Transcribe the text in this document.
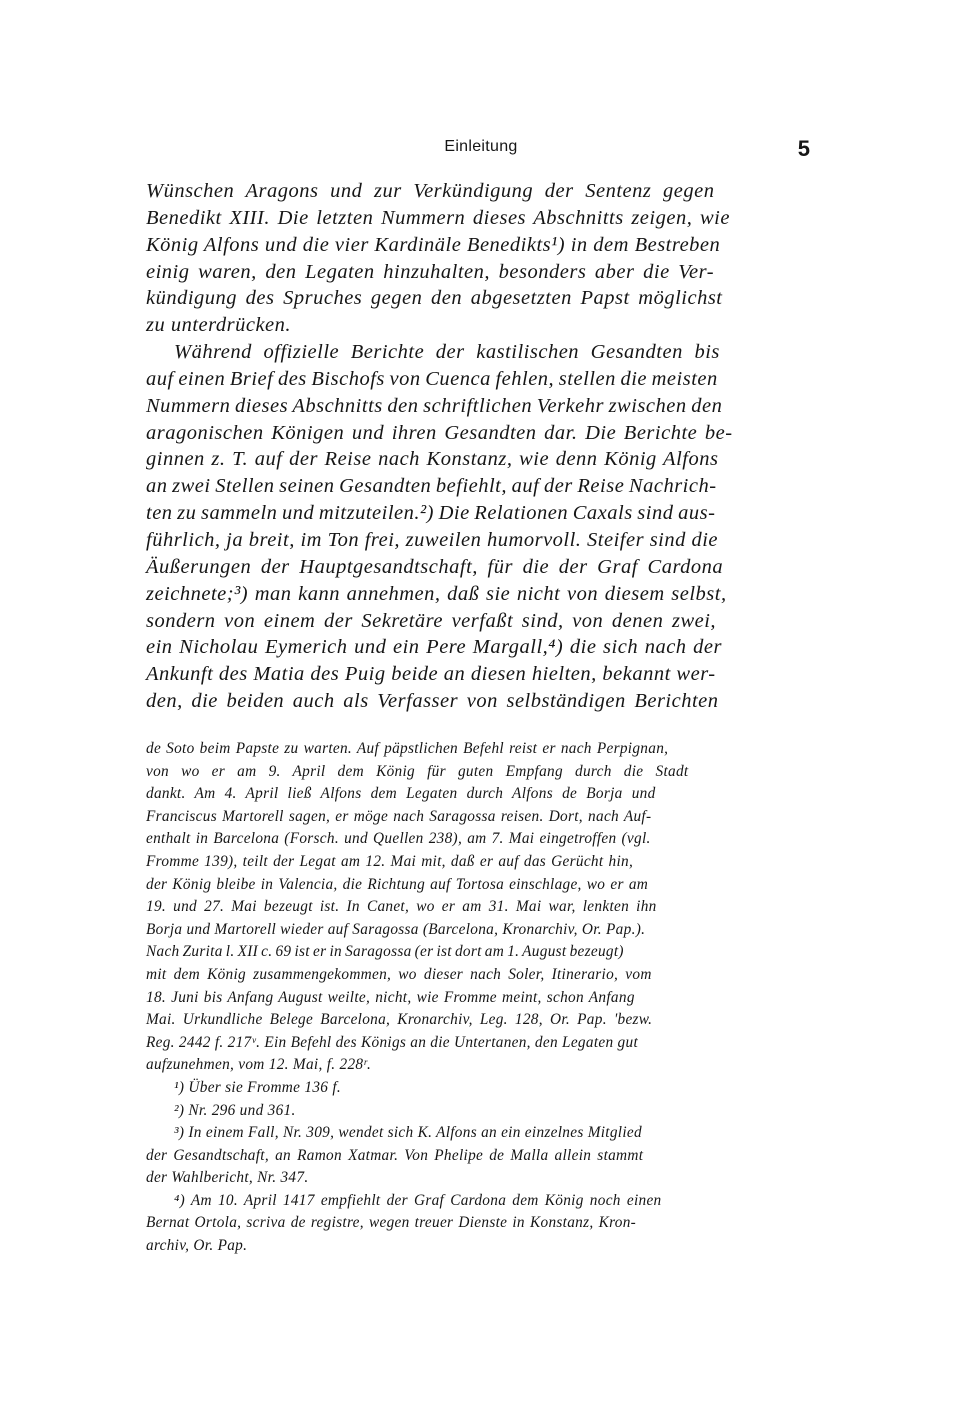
Einleitung	5
Wünschen Aragons und zur Verkündigung der Sentenz gegen
Benedikt XIII. Die letzten Nummern dieses Abschnitts zeigen, wie
König Alfons und die vier Kardinäle Benedikts¹) in dem Bestreben
einig waren, den Legaten hinzuhalten, besonders aber die Ver-
kündigung des Spruches gegen den abgesetzten Papst möglichst
zu unterdrücken.
Während offizielle Berichte der kastilischen Gesandten bis
auf einen Brief des Bischofs von Cuenca fehlen, stellen die meisten
Nummern dieses Abschnitts den schriftlichen Verkehr zwischen den
aragonischen Königen und ihren Gesandten dar. Die Berichte be-
ginnen z. T. auf der Reise nach Konstanz, wie denn König Alfons
an zwei Stellen seinen Gesandten befiehlt, auf der Reise Nachrich-
ten zu sammeln und mitzuteilen.²) Die Relationen Caxals sind aus-
führlich, ja breit, im Ton frei, zuweilen humorvoll. Steifer sind die
Äußerungen der Hauptgesandtschaft, für die der Graf Cardona
zeichnete;³) man kann annehmen, daß sie nicht von diesem selbst,
sondern von einem der Sekretäre verfaßt sind, von denen zwei,
ein Nicholau Eymerich und ein Pere Margall,⁴) die sich nach der
Ankunft des Matia des Puig beide an diesen hielten, bekannt wer-
den, die beiden auch als Verfasser von selbständigen Berichten
de Soto beim Papste zu warten. Auf päpstlichen Befehl reist er nach Perpignan,
von wo er am 9. April dem König für guten Empfang durch die Stadt
dankt. Am 4. April ließ Alfons dem Legaten durch Alfons de Borja und
Franciscus Martorell sagen, er möge nach Saragossa reisen. Dort, nach Auf-
enthalt in Barcelona (Forsch. und Quellen 238), am 7. Mai eingetroffen (vgl.
Fromme 139), teilt der Legat am 12. Mai mit, daß er auf das Gerücht hin,
der König bleibe in Valencia, die Richtung auf Tortosa einschlage, wo er am
19. und 27. Mai bezeugt ist. In Canet, wo er am 31. Mai war, lenkten ihn
Borja und Martorell wieder auf Saragossa (Barcelona, Kronarchiv, Or. Pap.).
Nach Zurita l. XII c. 69 ist er in Saragossa (er ist dort am 1. August bezeugt)
mit dem König zusammengekommen, wo dieser nach Soler, Itinerario, vom
18. Juni bis Anfang August weilte, nicht, wie Fromme meint, schon Anfang
Mai. Urkundliche Belege Barcelona, Kronarchiv, Leg. 128, Or. Pap. 'bezw.
Reg. 2442 f. 217ᵛ. Ein Befehl des Königs an die Untertanen, den Legaten gut
aufzunehmen, vom 12. Mai, f. 228ʳ.
¹) Über sie Fromme 136 f.
²) Nr. 296 und 361.
³) In einem Fall, Nr. 309, wendet sich K. Alfons an ein einzelnes Mitglied
der Gesandtschaft, an Ramon Xatmar. Von Phelipe de Malla allein stammt
der Wahlbericht, Nr. 347.
⁴) Am 10. April 1417 empfiehlt der Graf Cardona dem König noch einen
Bernat Ortola, scriva de registre, wegen treuer Dienste in Konstanz, Kron-
archiv, Or. Pap.
